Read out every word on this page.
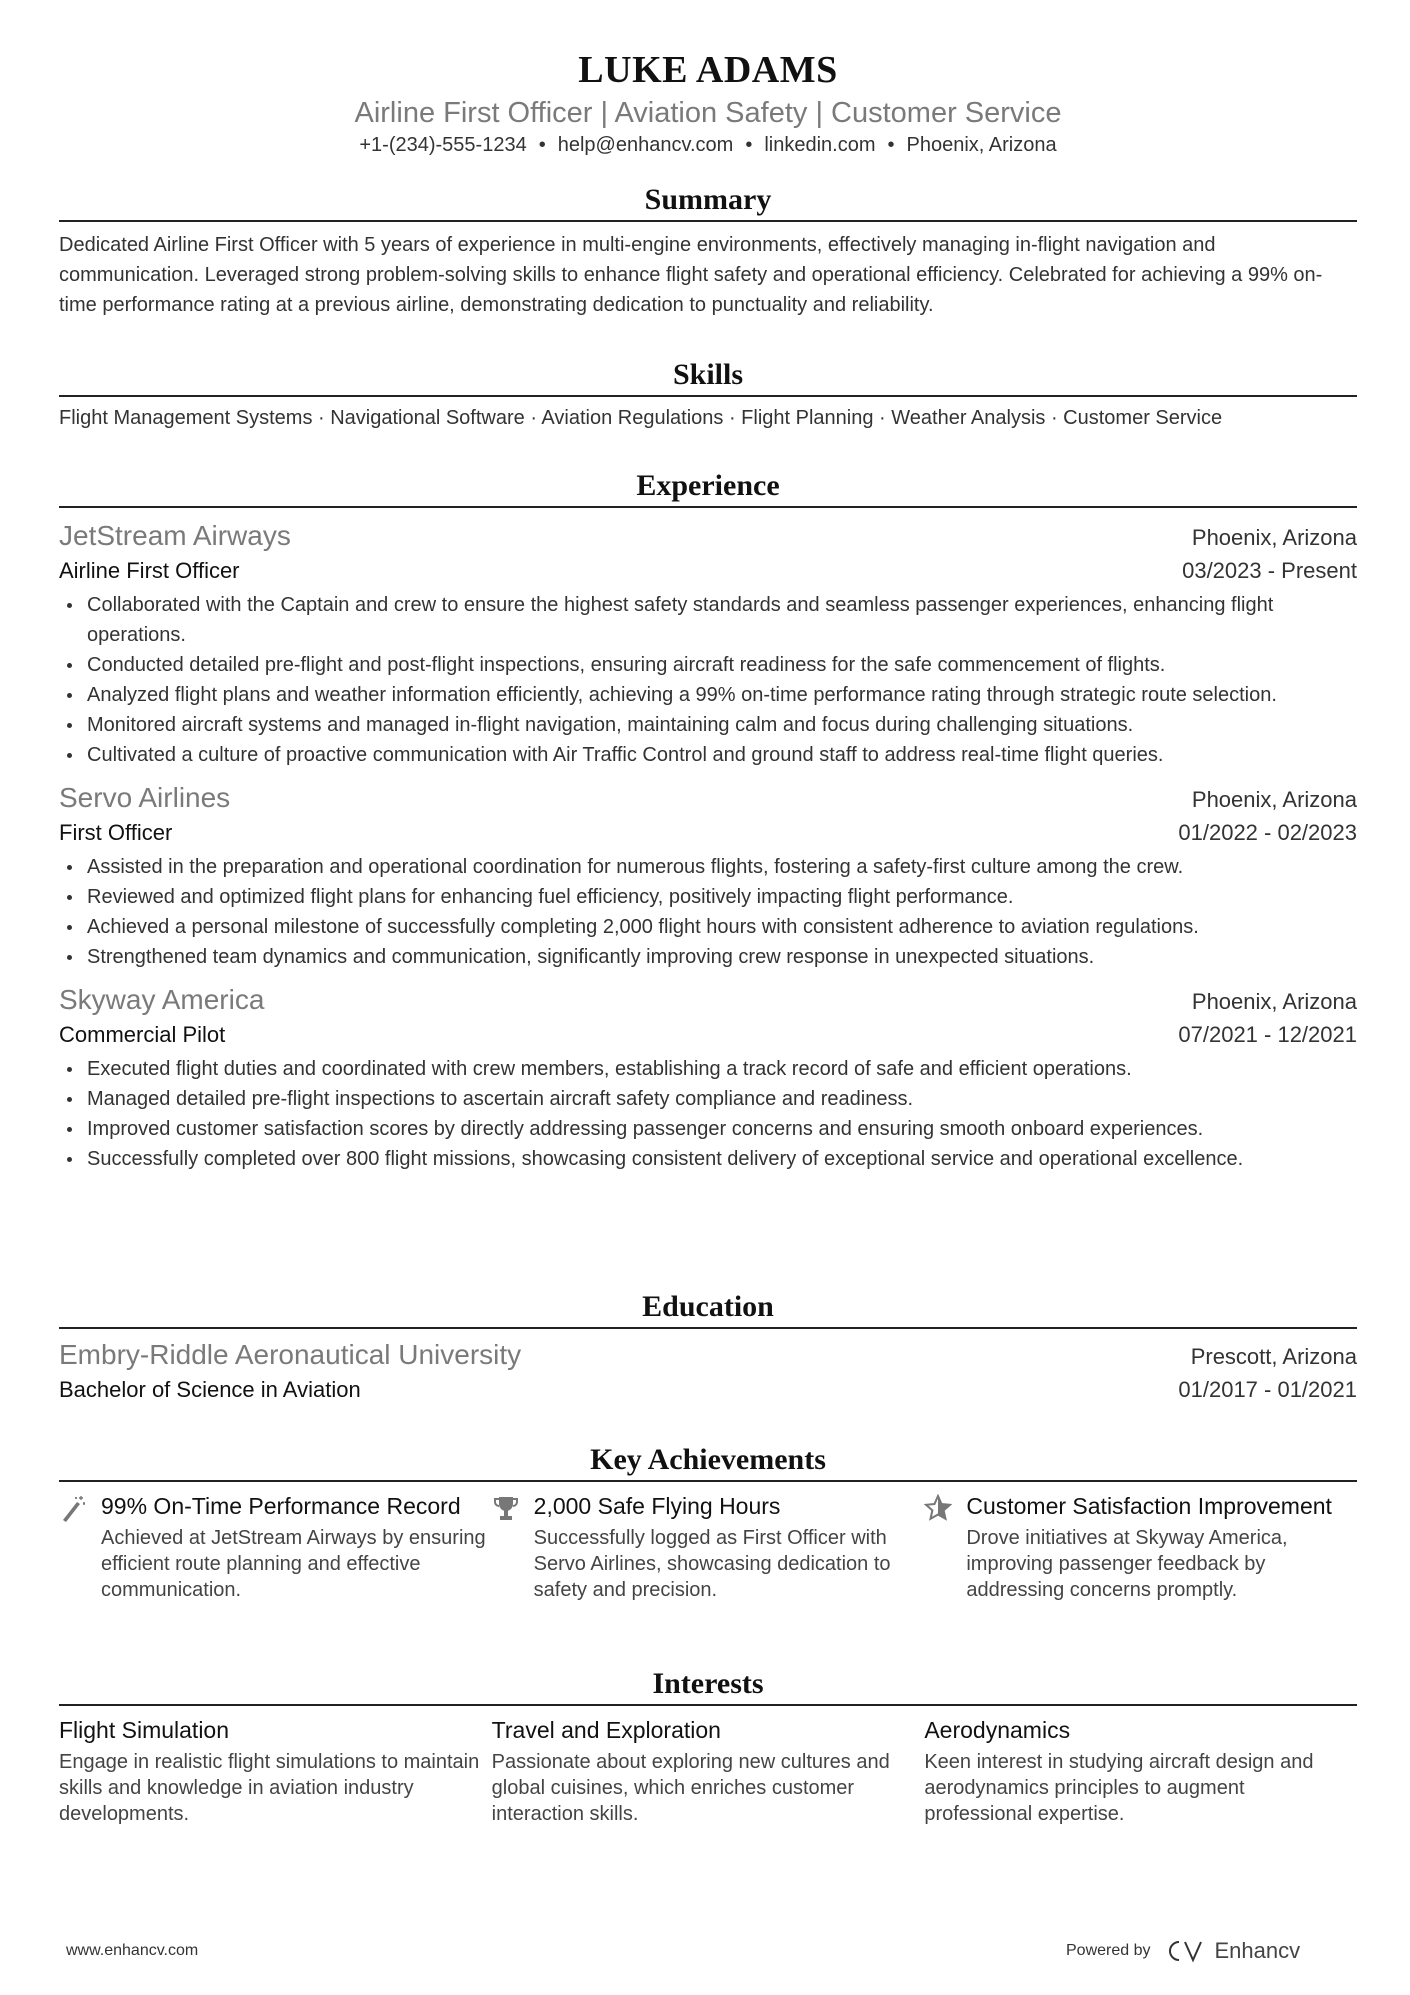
LUKE ADAMS
Airline First Officer | Aviation Safety | Customer Service
+1-(234)-555-1234 • help@enhancv.com • linkedin.com • Phoenix, Arizona
Summary

Dedicated Airline First Officer with 5 years of experience in multi-engine environments, effectively managing in-flight navigation and communication. Leveraged strong problem-solving skills to enhance flight safety and operational efficiency. Celebrated for achieving a 99% on-time performance rating at a previous airline, demonstrating dedication to punctuality and reliability.

Skills

Flight Management Systems · Navigational Software · Aviation Regulations · Flight Planning · Weather Analysis · Customer Service

Experience
JetStream Airways	Phoenix, Arizona
Airline First Officer	03/2023 - Present
Collaborated with the Captain and crew to ensure the highest safety standards and seamless passenger experiences, enhancing flight operations.
Conducted detailed pre-flight and post-flight inspections, ensuring aircraft readiness for the safe commencement of flights.
Analyzed flight plans and weather information efficiently, achieving a 99% on-time performance rating through strategic route selection.
Monitored aircraft systems and managed in-flight navigation, maintaining calm and focus during challenging situations.
Cultivated a culture of proactive communication with Air Traffic Control and ground staff to address real-time flight queries.
Servo Airlines	Phoenix, Arizona
First Officer	01/2022 - 02/2023
Assisted in the preparation and operational coordination for numerous flights, fostering a safety-first culture among the crew.
Reviewed and optimized flight plans for enhancing fuel efficiency, positively impacting flight performance.
Achieved a personal milestone of successfully completing 2,000 flight hours with consistent adherence to aviation regulations.
Strengthened team dynamics and communication, significantly improving crew response in unexpected situations.
Skyway America	Phoenix, Arizona
Commercial Pilot	07/2021 - 12/2021
Executed flight duties and coordinated with crew members, establishing a track record of safe and efficient operations.
Managed detailed pre-flight inspections to ascertain aircraft safety compliance and readiness.
Improved customer satisfaction scores by directly addressing passenger concerns and ensuring smooth onboard experiences.
Successfully completed over 800 flight missions, showcasing consistent delivery of exceptional service and operational excellence.
Education
Embry-Riddle Aeronautical University	Prescott, Arizona
Bachelor of Science in Aviation	01/2017 - 01/2021
Key Achievements
99% On-Time Performance Record
Achieved at JetStream Airways by ensuring efficient route planning and effective communication.
2,000 Safe Flying Hours
Successfully logged as First Officer with Servo Airlines, showcasing dedication to safety and precision.
Customer Satisfaction Improvement
Drove initiatives at Skyway America, improving passenger feedback by addressing concerns promptly.
Interests
Flight Simulation
Engage in realistic flight simulations to maintain skills and knowledge in aviation industry developments.
Travel and Exploration
Passionate about exploring new cultures and global cuisines, which enriches customer interaction skills.
Aerodynamics
Keen interest in studying aircraft design and aerodynamics principles to augment professional expertise.
www.enhancv.com	Powered by	Enhancv
